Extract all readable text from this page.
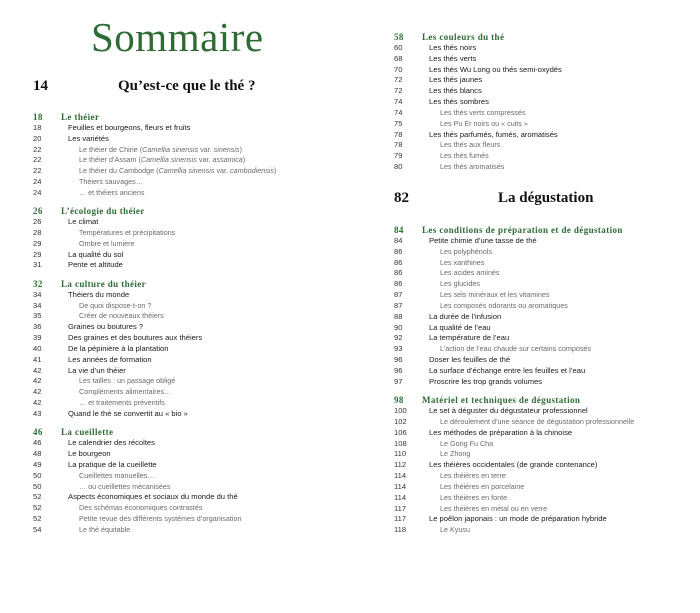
Sommaire
14	Qu’est-ce que le thé ?
82	La dégustation
18 Le théier
18	Feuilles et bourgeons, fleurs et fruits
20	Les variétés
22	Le théier de Chine (Camellia sinensis var. sinensis)
22	Le théier d’Assam (Camellia sinensis var. assamica)
22	Le théier du Cambodge (Camellia sinensis var. cambodiensis)
24	Théiers sauvages…
24	… et théiers anciens
26 L’écologie du théier
26	Le climat
28	Températures et précipitations
29	Ombre et lumière
29	La qualité du sol
31	Pente et altitude
32 La culture du théier
34	Théiers du monde
34	De quoi dispose-t-on ?
35	Créer de nouveaux théiers
36	Graines ou boutures ?
39	Des graines et des boutures aux théiers
40	De la pépinière à la plantation
41	Les années de formation
42	La vie d’un théier
42	Les tailles : un passage obligé
42	Compléments alimentaires…
42	… et traitements préventifs
43	Quand le thé se convertit au « bio »
46 La cueillette
46	Le calendrier des récoltes
48	Le bourgeon
49	La pratique de la cueillette
50	Cueillettes manuelles…
50	… ou cueillettes mécanisées
52	Aspects économiques et sociaux du monde du thé
52	Des schémas économiques contrastés
52	Petite revue des différents systèmes d’organisation
54	Le thé équitable
58 Les couleurs du thé
60	Les thés noirs
68	Les thés verts
70	Les thés Wu Long ou thés semi-oxydés
72	Les thés jaunes
72	Les thés blancs
74	Les thés sombres
74	Les thés verts compressés
75	Les Pu Er noirs ou « cuits »
78	Les thés parfumés, fumés, aromatisés
78	Les thés aux fleurs
79	Les thés fumés
80	Les thés aromatisés
84 Les conditions de préparation et de dégustation
84	Petite chimie d’une tasse de thé
86	Les polyphénols
86	Les xanthines
86	Les acides aminés
86	Les glucides
87	Les sels minéraux et les vitamines
87	Les composés odorants ou aromatiques
88	La durée de l’infusion
90	La qualité de l’eau
92	La température de l’eau
93	L’action de l’eau chaude sur certains composés
96	Doser les feuilles de thé
96	La surface d’échange entre les feuilles et l’eau
97	Proscrire les trop grands volumes
98 Matériel et techniques de dégustation
100	Le set à déguster du dégustateur professionnel
102	Le déroulement d’une séance de dégustation professionnelle
106	Les méthodes de préparation à la chinoise
108	Le Gong Fu Cha
110	Le Zhong
112	Les théières occidentales (de grande contenance)
114	Les théières en terre
114	Les théières en porcelaine
114	Les théières en fonte
117	Les théières en métal ou en verre
117	Le poêlon japonais : un mode de préparation hybride
118	Le Kyusu
